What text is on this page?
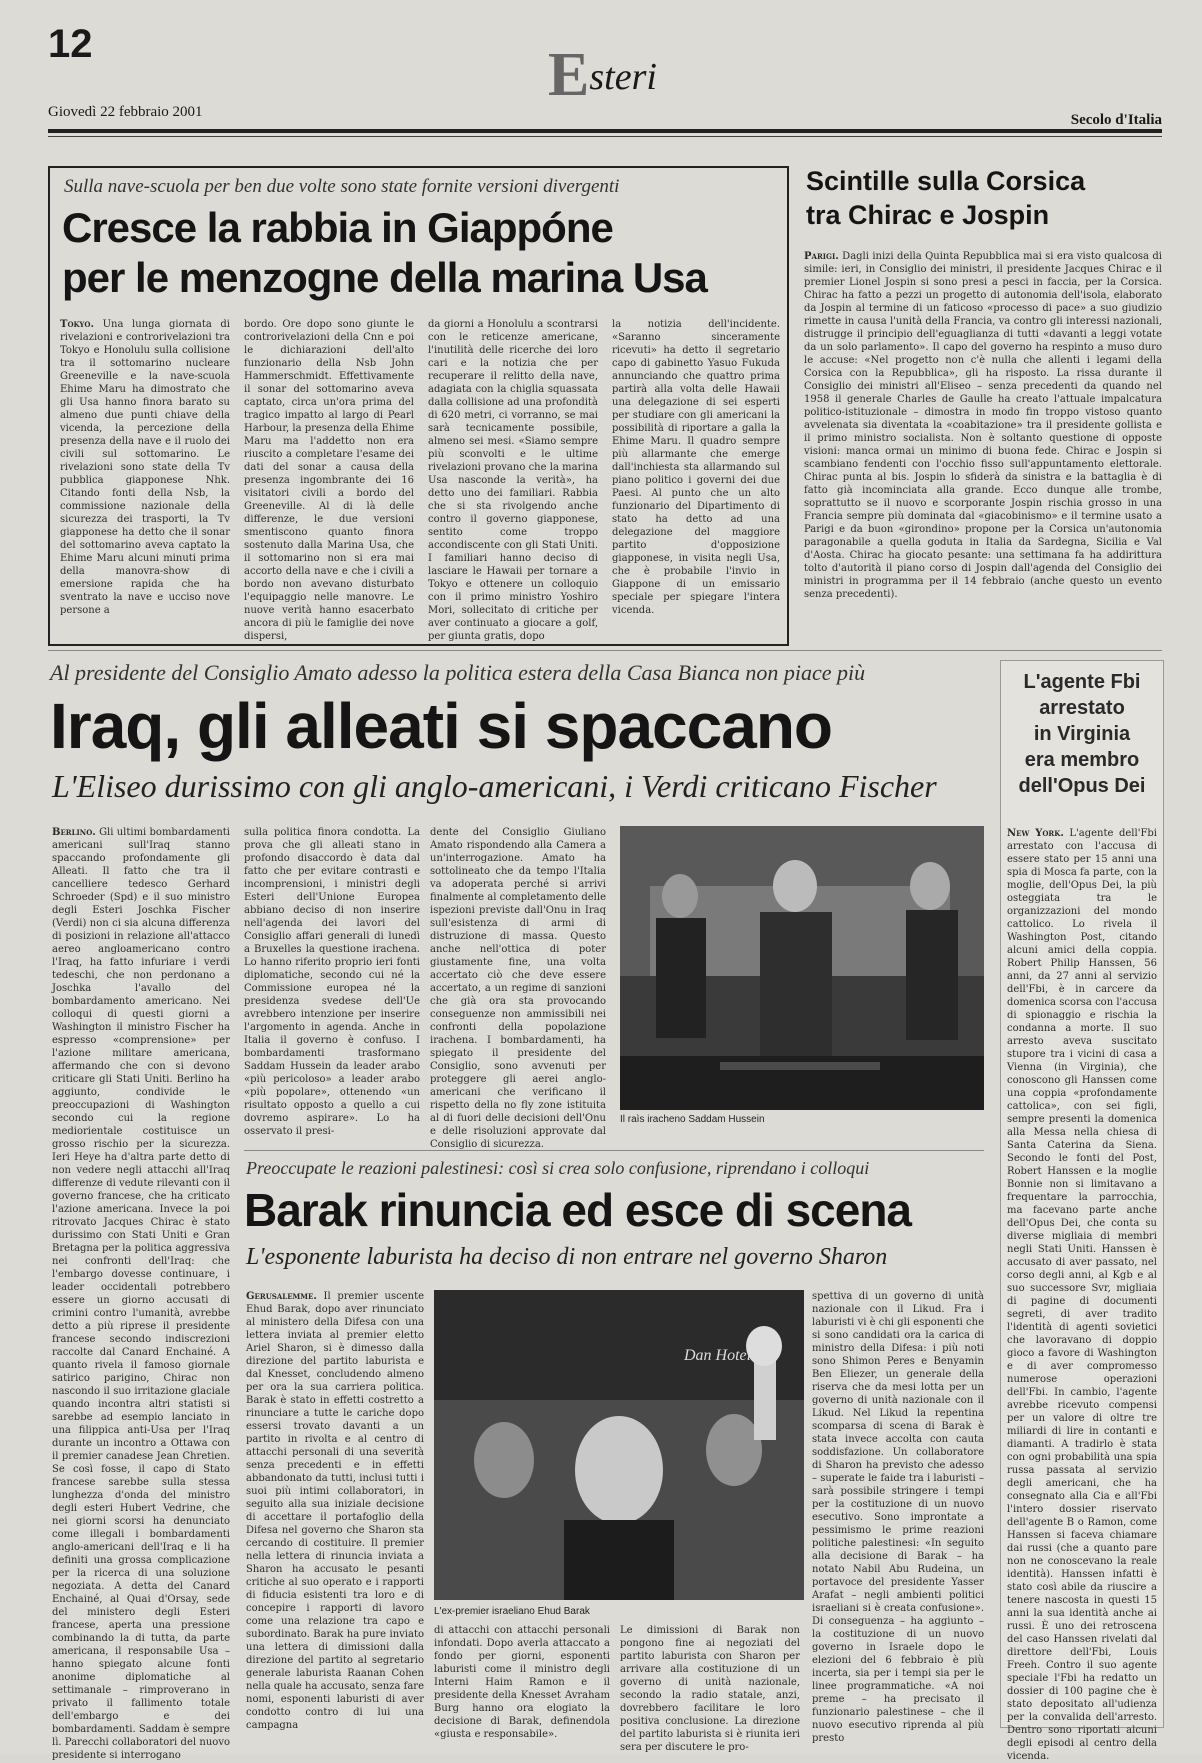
12	Esteri
Giovedì 22 febbraio 2001	Secolo d'Italia
Sulla nave-scuola per ben due volte sono state fornite versioni divergenti
Cresce la rabbia in Giappóne
per le menzogne della marina Usa
Tokyo. Una lunga giornata di rivelazioni e controrivelazioni tra Tokyo e Honolulu sulla collisione tra il sottomarino nucleare Greeneville e la nave-scuola Ehime Maru ha dimostrato che gli Usa hanno finora barato su almeno due punti chiave della vicenda, la percezione della presenza della nave e il ruolo dei civili sul sottomarino. Le rivelazioni sono state della Tv pubblica giapponese Nhk. Citando fonti della Nsb, la commissione nazionale della sicurezza dei trasporti, la Tv giapponese ha detto che il sonar del sottomarino aveva captato la Ehime Maru alcuni minuti prima della manovra-show di emersione rapida che ha sventrato la nave e ucciso nove persone a
bordo. Ore dopo sono giunte le controrivelazioni della Cnn e poi le dichiarazioni dell'alto funzionario della Nsb John Hammerschmidt. Effettivamente il sonar del sottomarino aveva captato, circa un'ora prima del tragico impatto al largo di Pearl Harbour, la presenza della Ehime Maru ma l'addetto non era riuscito a completare l'esame dei dati del sonar a causa della presenza ingombrante dei 16 visitatori civili a bordo del Greeneville. Al di là delle differenze, le due versioni smentiscono quanto finora sostenuto dalla Marina Usa, che il sottomarino non si era mai accorto della nave e che i civili a bordo non avevano disturbato l'equipaggio nelle manovre. Le nuove verità hanno esacerbato ancora di più le famiglie dei nove dispersi,
da giorni a Honolulu a scontrarsi con le reticenze americane, l'inutilità delle ricerche dei loro cari e la notizia che per recuperare il relitto della nave, adagiata con la chiglia squassata dalla collisione ad una profondità di 620 metri, ci vorranno, se mai sarà tecnicamente possibile, almeno sei mesi. «Siamo sempre più sconvolti e le ultime rivelazioni provano che la marina Usa nasconde la verità», ha detto uno dei familiari. Rabbia che si sta rivolgendo anche contro il governo giapponese, sentito come troppo accondiscente con gli Stati Uniti. I familiari hanno deciso di lasciare le Hawaii per tornare a Tokyo e ottenere un colloquio con il primo ministro Yoshiro Mori, sollecitato di critiche per aver continuato a giocare a golf, per giunta gratis, dopo
la notizia dell'incidente. «Saranno sinceramente ricevuti» ha detto il segretario capo di gabinetto Yasuo Fukuda annunciando che quattro prima partirà alla volta delle Hawaii una delegazione di sei esperti per studiare con gli americani la possibilità di riportare a galla la Ehime Maru. Il quadro sempre più allarmante che emerge dall'inchiesta sta allarmando sul piano politico i governi dei due Paesi. Al punto che un alto funzionario del Dipartimento di stato ha detto ad una delegazione del maggiore partito d'opposizione giapponese, in visita negli Usa, che è probabile l'invio in Giappone di un emissario speciale per spiegare l'intera vicenda.
Scintille sulla Corsica
tra Chirac e Jospin
Parigi. Dagli inizi della Quinta Repubblica mai si era visto qualcosa di simile: ieri, in Consiglio dei ministri, il presidente Jacques Chirac e il premier Lionel Jospin si sono presi a pesci in faccia, per la Corsica. Chirac ha fatto a pezzi un progetto di autonomia dell'isola, elaborato da Jospin al termine di un faticoso «processo di pace» a suo giudizio rimette in causa l'unità della Francia, va contro gli interessi nazionali, distrugge il principio dell'eguaglianza di tutti «davanti a leggi votate da un solo parlamento». Il capo del governo ha respinto a muso duro le accuse: «Nel progetto non c'è nulla che allenti i legami della Corsica con la Repubblica», gli ha risposto. La rissa durante il Consiglio dei ministri all'Eliseo – senza precedenti da quando nel 1958 il generale Charles de Gaulle ha creato l'attuale impalcatura politico-istituzionale – dimostra in modo fin troppo vistoso quanto avvelenata sia diventata la «coabitazione» tra il presidente gollista e il primo ministro socialista. Non è soltanto questione di opposte visioni: manca ormai un minimo di buona fede. Chirac e Jospin si scambiano fendenti con l'occhio fisso sull'appuntamento elettorale. Chirac punta al bis. Jospin lo sfiderà da sinistra e la battaglia è di fatto già incominciata alla grande. Ecco dunque alle trombe, soprattutto se il nuovo e scorporante Jospin rischia grosso in una Francia sempre più dominata dal «giacobinismo» e il termine usato a Parigi e da buon «girondino» propone per la Corsica un'autonomia paragonabile a quella goduta in Italia da Sardegna, Sicilia e Val d'Aosta. Chirac ha giocato pesante: una settimana fa ha addirittura tolto d'autorità il piano corso di Jospin dall'agenda del Consiglio dei ministri in programma per il 14 febbraio (anche questo un evento senza precedenti).
Al presidente del Consiglio Amato adesso la politica estera della Casa Bianca non piace più
Iraq, gli alleati si spaccano
L'Eliseo durissimo con gli anglo-americani, i Verdi criticano Fischer
Berlino. Gli ultimi bombardamenti americani sull'Iraq stanno spaccando profondamente gli Alleati. Il fatto che tra il cancelliere tedesco Gerhard Schroeder (Spd) e il suo ministro degli Esteri Joschka Fischer (Verdi) non ci sia alcuna differenza di posizioni in relazione all'attacco aereo angloamericano contro l'Iraq, ha fatto infuriare i verdi tedeschi, che non perdonano a Joschka l'avallo del bombardamento americano. Nei colloqui di questi giorni a Washington il ministro Fischer ha espresso «comprensione» per l'azione militare americana, affermando che con si devono criticare gli Stati Uniti. Berlino ha aggiunto, condivide le preoccupazioni di Washington secondo cui la regione mediorientale costituisce un grosso rischio per la sicurezza. Ieri Heye ha d'altra parte detto di non vedere negli attacchi all'Iraq differenze di vedute rilevanti con il governo francese, che ha criticato l'azione americana. Invece la poi ritrovato Jacques Chirac è stato durissimo con Stati Uniti e Gran Bretagna per la politica aggressiva nei confronti dell'Iraq: che l'embargo dovesse continuare, i leader occidentali potrebbero essere un giorno accusati di crimini contro l'umanità, avrebbe detto a più riprese il presidente francese secondo indiscrezioni raccolte dal Canard Enchainé. A quanto rivela il famoso giornale satirico parigino, Chirac non nascondo il suo irritazione glaciale quando incontra altri statisti si sarebbe ad esempio lanciato in una filippica anti-Usa per l'Iraq durante un incontro a Ottawa con il premier canadese Jean Chretien. Se così fosse, il capo di Stato francese sarebbe sulla stessa lunghezza d'onda del ministro degli esteri Hubert Vedrine, che nei giorni scorsi ha denunciato come illegali i bombardamenti anglo-americani dell'Iraq e li ha definiti una grossa complicazione per la ricerca di una soluzione negoziata. A detta del Canard Enchainé, al Quai d'Orsay, sede del ministero degli Esteri francese, aperta una pressione combinando la di tutta, da parte americana, il responsabile Usa – hanno spiegato alcune fonti anonime diplomatiche al settimanale – rimproverano in privato il fallimento totale dell'embargo e dei bombardamenti. Saddam è sempre lì. Parecchi collaboratori del nuovo presidente si interrogano
sulla politica finora condotta. La prova che gli alleati stano in profondo disaccordo è data dal fatto che per evitare contrasti e incomprensioni, i ministri degli Esteri dell'Unione Europea abbiano deciso di non inserire nell'agenda dei lavori del Consiglio affari generali di lunedì a Bruxelles la questione irachena. Lo hanno riferito proprio ieri fonti diplomatiche, secondo cui né la Commissione europea né la presidenza svedese dell'Ue avrebbero intenzione per inserire l'argomento in agenda. Anche in Italia il governo è confuso. I bombardamenti trasformano Saddam Hussein da leader arabo «più pericoloso» a leader arabo «più popolare», ottenendo «un risultato opposto a quello a cui dovremo aspirare». Lo ha osservato il presi-
dente del Consiglio Giuliano Amato rispondendo alla Camera a un'interrogazione. Amato ha sottolineato che da tempo l'Italia va adoperata perché si arrivi finalmente al completamento delle ispezioni previste dall'Onu in Iraq sull'esistenza di armi di distruzione di massa. Questo anche nell'ottica di poter giustamente fine, una volta accertato ciò che deve essere accertato, a un regime di sanzioni che già ora sta provocando conseguenze non ammissibili nei confronti della popolazione irachena. I bombardamenti, ha spiegato il presidente del Consiglio, sono avvenuti per proteggere gli aerei anglo-americani che verificano il rispetto della no fly zone istituita al di fuori delle decisioni dell'Onu e delle risoluzioni approvate dal Consiglio di sicurezza.
Il raìs iracheno Saddam Hussein
L'agente Fbi
arrestato
in Virginia
era membro
dell'Opus Dei
New York. L'agente dell'Fbi arrestato con l'accusa di essere stato per 15 anni una spia di Mosca fa parte, con la moglie, dell'Opus Dei, la più osteggiata tra le organizzazioni del mondo cattolico. Lo rivela il Washington Post, citando alcuni amici della coppia. Robert Philip Hanssen, 56 anni, da 27 anni al servizio dell'Fbi, è in carcere da domenica scorsa con l'accusa di spionaggio e rischia la condanna a morte. Il suo arresto aveva suscitato stupore tra i vicini di casa a Vienna (in Virginia), che conoscono gli Hanssen come una coppia «profondamente cattolica», con sei figli, sempre presenti la domenica alla Messa nella chiesa di Santa Caterina da Siena. Secondo le fonti del Post, Robert Hanssen e la moglie Bonnie non si limitavano a frequentare la parrocchia, ma facevano parte anche dell'Opus Dei, che conta su diverse migliaia di membri negli Stati Uniti. Hanssen è accusato di aver passato, nel corso degli anni, al Kgb e al suo successore Svr, migliaia di pagine di documenti segreti, di aver tradito l'identità di agenti sovietici che lavoravano di doppio gioco a favore di Washington e di aver compromesso numerose operazioni dell'Fbi. In cambio, l'agente avrebbe ricevuto compensi per un valore di oltre tre miliardi di lire in contanti e diamanti. A tradirlo è stata con ogni probabilità una spia russa passata al servizio degli americani, che ha consegnato alla Cia e all'Fbi l'intero dossier riservato dell'agente B o Ramon, come Hanssen si faceva chiamare dai russi (che a quanto pare non ne conoscevano la reale identità). Hanssen infatti è stato così abile da riuscire a tenere nascosta in questi 15 anni la sua identità anche ai russi. È uno dei retroscena del caso Hanssen rivelati dal direttore dell'Fbi, Louis Freeh. Contro il suo agente speciale l'Fbi ha redatto un dossier di 100 pagine che è stato depositato all'udienza per la convalida dell'arresto. Dentro sono riportati alcuni degli episodi al centro della vicenda.
Preoccupate le reazioni palestinesi: così si crea solo confusione, riprendano i colloqui
Barak rinuncia ed esce di scena
L'esponente laburista ha deciso di non entrare nel governo Sharon
Gerusalemme. Il premier uscente Ehud Barak, dopo aver rinunciato al ministero della Difesa con una lettera inviata al premier eletto Ariel Sharon, si è dimesso dalla direzione del partito laburista e dal Knesset, concludendo almeno per ora la sua carriera politica. Barak è stato in effetti costretto a rinunciare a tutte le cariche dopo essersi trovato davanti a un partito in rivolta e al centro di attacchi personali di una severità senza precedenti e in effetti abbandonato da tutti, inclusi tutti i suoi più intimi collaboratori, in seguito alla sua iniziale decisione di accettare il portafoglio della Difesa nel governo che Sharon sta cercando di costituire. Il premier nella lettera di rinuncia inviata a Sharon ha accusato le pesanti critiche al suo operato e i rapporti di fiducia esistenti tra loro e di concepire i rapporti di lavoro come una relazione tra capo e subordinato. Barak ha pure inviato una lettera di dimissioni dalla direzione del partito al segretario generale laburista Raanan Cohen nella quale ha accusato, senza fare nomi, esponenti laburisti di aver condotto contro di lui una campagna
Dan Hotel
L'ex-premier israeliano Ehud Barak
di attacchi con attacchi personali infondati. Dopo averla attaccato a fondo per giorni, esponenti laburisti come il ministro degli Interni Haim Ramon e il presidente della Knesset Avraham Burg hanno ora elogiato la decisione di Barak, definendola «giusta e responsabile».
Le dimissioni di Barak non pongono fine ai negoziati del partito laburista con Sharon per arrivare alla costituzione di un governo di unità nazionale, secondo la radio statale, anzi, dovrebbero facilitare le loro positiva conclusione. La direzione del partito laburista si è riunita ieri sera per discutere le pro-
spettiva di un governo di unità nazionale con il Likud. Fra i laburisti vi è chi gli esponenti che si sono candidati ora la carica di ministro della Difesa: i più noti sono Shimon Peres e Benyamin Ben Eliezer, un generale della riserva che da mesi lotta per un governo di unità nazionale con il Likud. Nel Likud la repentina scomparsa di scena di Barak è stata invece accolta con cauta soddisfazione. Un collaboratore di Sharon ha previsto che adesso – superate le faide tra i laburisti – sarà possibile stringere i tempi per la costituzione di un nuovo esecutivo. Sono improntate a pessimismo le prime reazioni politiche palestinesi: «In seguito alla decisione di Barak – ha notato Nabil Abu Rudeina, un portavoce del presidente Yasser Arafat – negli ambienti politici israeliani si è creata confusione». Di conseguenza – ha aggiunto – la costituzione di un nuovo governo in Israele dopo le elezioni del 6 febbraio è più incerta, sia per i tempi sia per le linee programmatiche. «A noi preme – ha precisato il funzionario palestinese – che il nuovo esecutivo riprenda al più presto
